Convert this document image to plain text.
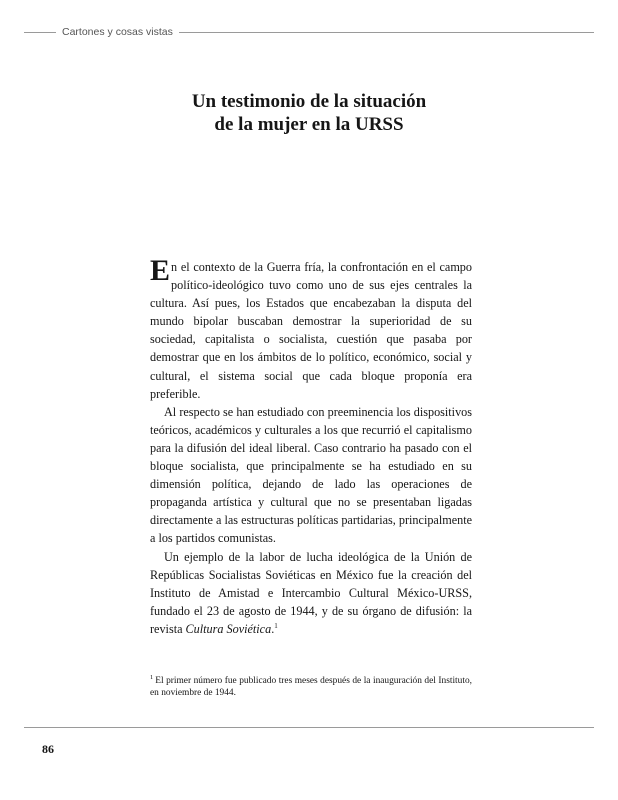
Cartones y cosas vistas
Un testimonio de la situación
de la mujer en la URSS

En el contexto de la Guerra fría, la confrontación en el campo político-ideológico tuvo como uno de sus ejes centrales la cultura. Así pues, los Estados que encabezaban la disputa del mundo bipolar buscaban demostrar la superioridad de su sociedad, capitalista o socialista, cuestión que pasaba por demostrar que en los ámbitos de lo político, económico, social y cultural, el sistema social que cada bloque proponía era preferible.

Al respecto se han estudiado con preeminencia los dispositivos teóricos, académicos y culturales a los que recurrió el capitalismo para la difusión del ideal liberal. Caso contrario ha pasado con el bloque socialista, que principalmente se ha estudiado en su dimensión política, dejando de lado las operaciones de propaganda artística y cultural que no se presentaban ligadas directamente a las estructuras políticas partidarias, principalmente a los partidos comunistas.

Un ejemplo de la labor de lucha ideológica de la Unión de Repúblicas Socialistas Soviéticas en México fue la creación del Instituto de Amistad e Intercambio Cultural México-URSS, fundado el 23 de agosto de 1944, y de su órgano de difusión: la revista Cultura Soviética.$^1$

$^1$ El primer número fue publicado tres meses después de la inauguración del Instituto, en noviembre de 1944.
86
